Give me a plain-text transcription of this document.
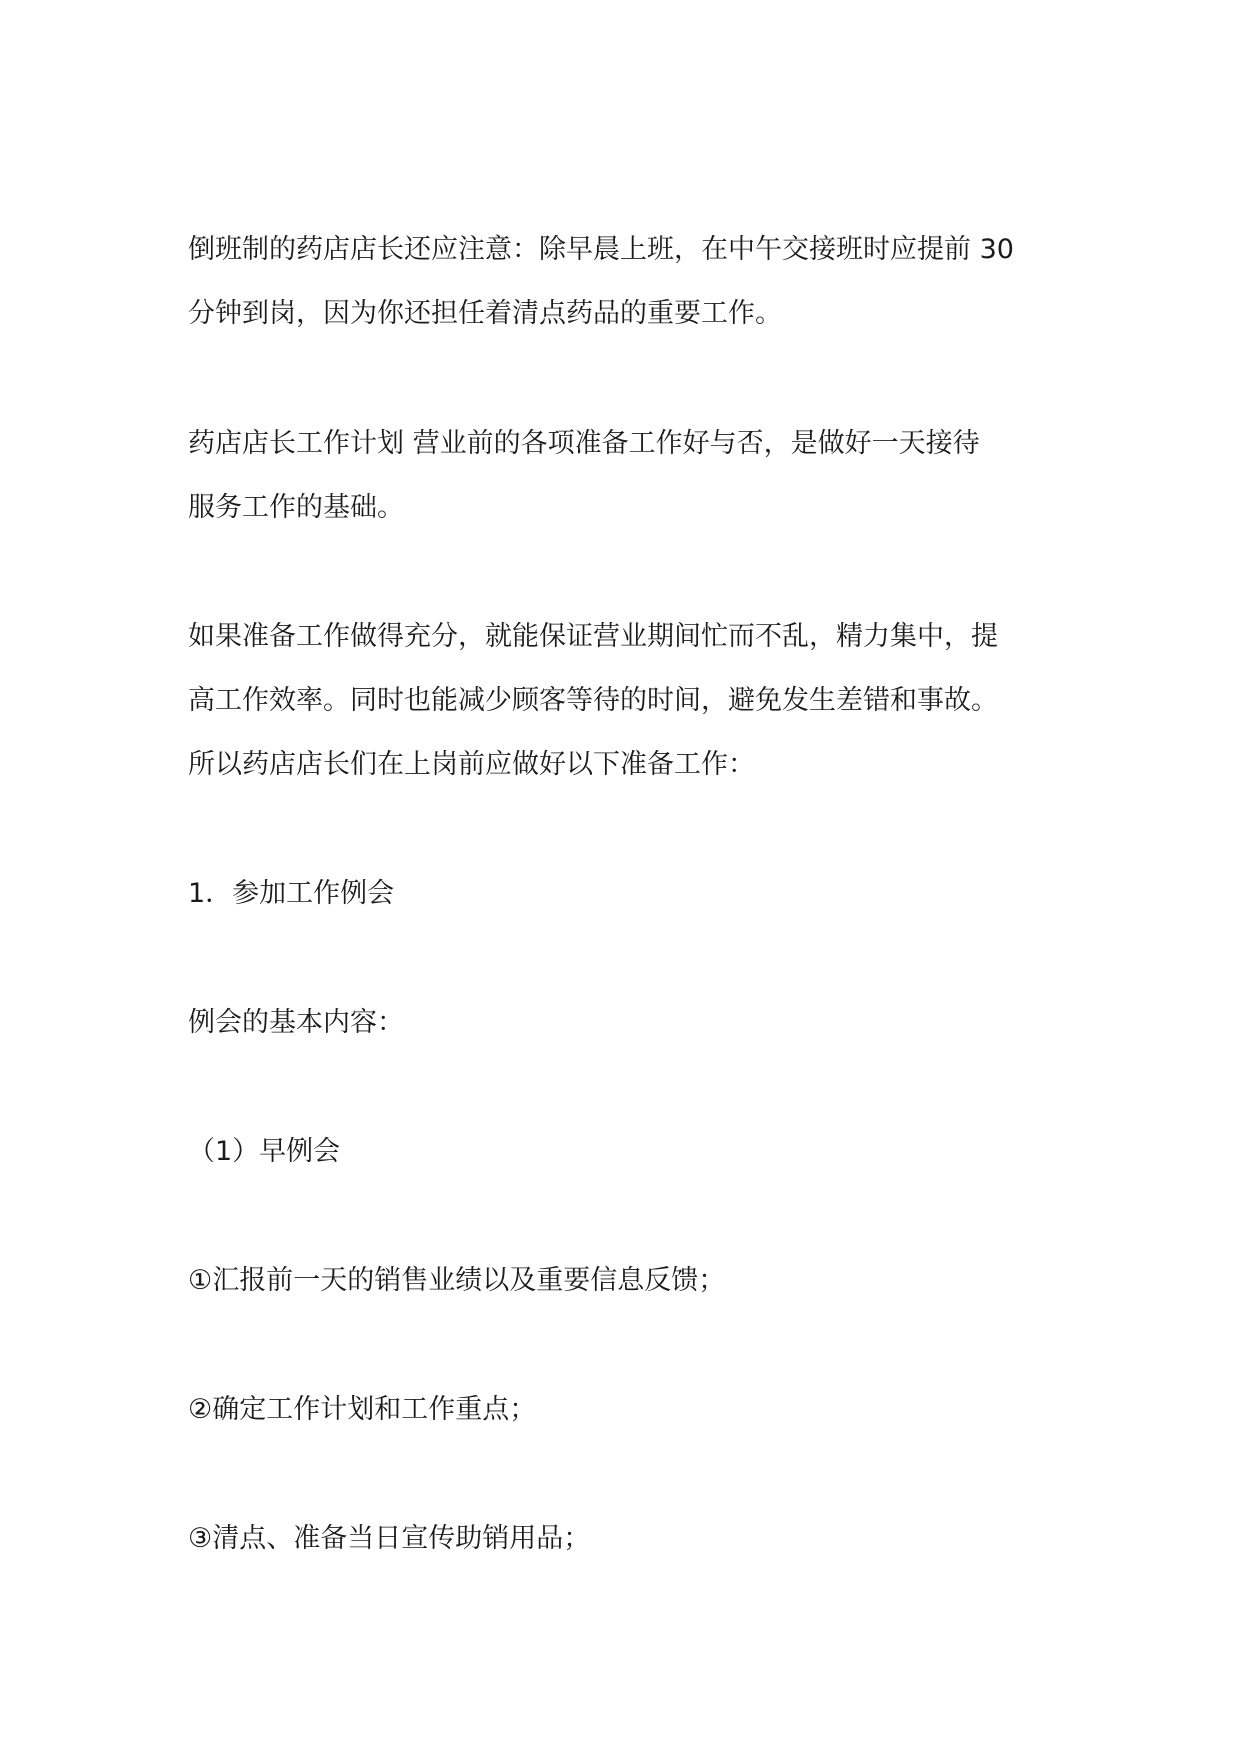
倒班制的药店店长还应注意：除早晨上班，在中午交接班时应提前 30
分钟到岗，因为你还担任着清点药品的重要工作。
药店店长工作计划 营业前的各项准备工作好与否，是做好一天接待
服务工作的基础。
如果准备工作做得充分，就能保证营业期间忙而不乱，精力集中，提
高工作效率。同时也能减少顾客等待的时间，避免发生差错和事故。
所以药店店长们在上岗前应做好以下准备工作：
1．参加工作例会
例会的基本内容：
（1）早例会
①汇报前一天的销售业绩以及重要信息反馈；
②确定工作计划和工作重点；
③清点、准备当日宣传助销用品；
